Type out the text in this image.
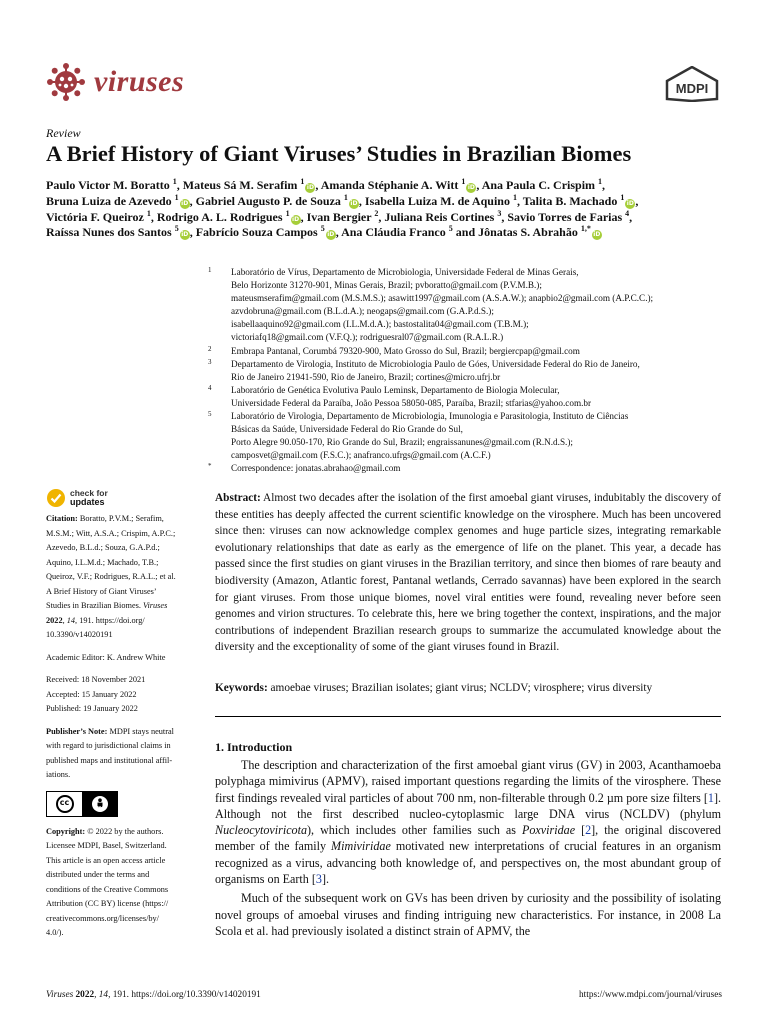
viruses	MDPI
Review
A Brief History of Giant Viruses’ Studies in Brazilian Biomes
Paulo Victor M. Boratto $^1$, Mateus Sá M. Serafim $^1$iD, Amanda Stéphanie A. Witt $^1$iD, Ana Paula C. Crispim $^1$,
Bruna Luiza de Azevedo $^1$iD, Gabriel Augusto P. de Souza $^1$iD, Isabella Luiza M. de Aquino $^1$, Talita B. Machado $^1$iD,
Victória F. Queiroz $^1$, Rodrigo A. L. Rodrigues $^1$iD, Ivan Bergier $^2$, Juliana Reis Cortines $^3$, Savio Torres de Farias $^4$,
Raíssa Nunes dos Santos $^5$iD, Fabrício Souza Campos $^5$iD, Ana Cláudia Franco $^5$ and Jônatas S. Abrahão $^{1,*}$iD
1 Laboratório de Vírus, Departamento de Microbiologia, Universidade Federal de Minas Gerais,
Belo Horizonte 31270-901, Minas Gerais, Brazil; pvboratto@gmail.com (P.V.M.B.);
mateusmserafim@gmail.com (M.S.M.S.); asawitt1997@gmail.com (A.S.A.W.); anapbio2@gmail.com (A.P.C.C.);
azvdobruna@gmail.com (B.L.d.A.); neogaps@gmail.com (G.A.P.d.S.);
isabellaaquino92@gmail.com (I.L.M.d.A.); bastostalita04@gmail.com (T.B.M.);
victoriafq18@gmail.com (V.F.Q.); rodriguesral07@gmail.com (R.A.L.R.)
2 Embrapa Pantanal, Corumbá 79320-900, Mato Grosso do Sul, Brazil; bergiercpap@gmail.com
3 Departamento de Virologia, Instituto de Microbiologia Paulo de Góes, Universidade Federal do Rio de Janeiro,
Rio de Janeiro 21941-590, Rio de Janeiro, Brazil; cortines@micro.ufrj.br
4 Laboratório de Genética Evolutiva Paulo Leminsk, Departamento de Biologia Molecular,
Universidade Federal da Paraíba, João Pessoa 58050-085, Paraíba, Brazil; stfarias@yahoo.com.br
5 Laboratório de Virologia, Departamento de Microbiologia, Imunologia e Parasitologia, Instituto de Ciências
Básicas da Saúde, Universidade Federal do Rio Grande do Sul,
Porto Alegre 90.050-170, Rio Grande do Sul, Brazil; engraissanunes@gmail.com (R.N.d.S.);
camposvet@gmail.com (F.S.C.); anafranco.ufrgs@gmail.com (A.C.F.)
* Correspondence: jonatas.abrahao@gmail.com
check for
updates
Citation: Boratto, P.V.M.; Serafim,
M.S.M.; Witt, A.S.A.; Crispim, A.P.C.;
Azevedo, B.L.d.; Souza, G.A.P.d.;
Aquino, I.L.M.d.; Machado, T.B.;
Queiroz, V.F.; Rodrigues, R.A.L.; et al.
A Brief History of Giant Viruses’
Studies in Brazilian Biomes. Viruses
2022, 14, 191. https://doi.org/
10.3390/v14020191
Academic Editor: K. Andrew White
Received: 18 November 2021
Accepted: 15 January 2022
Published: 19 January 2022
Publisher’s Note: MDPI stays neutral
with regard to jurisdictional claims in
published maps and institutional affil-
iations.
cc
BY
Copyright: © 2022 by the authors.
Licensee MDPI, Basel, Switzerland.
This article is an open access article
distributed under the terms and
conditions of the Creative Commons
Attribution (CC BY) license (https://
creativecommons.org/licenses/by/
4.0/).
Abstract: Almost two decades after the isolation of the first amoebal giant viruses, indubitably the discovery of these entities has deeply affected the current scientific knowledge on the virosphere. Much has been uncovered since then: viruses can now acknowledge complex genomes and huge particle sizes, integrating remarkable evolutionary relationships that date as early as the emergence of life on the planet. This year, a decade has passed since the first studies on giant viruses in the Brazilian territory, and since then biomes of rare beauty and biodiversity (Amazon, Atlantic forest, Pantanal wetlands, Cerrado savannas) have been explored in the search for giant viruses. From those unique biomes, novel viral entities were found, revealing never before seen genomes and virion structures. To celebrate this, here we bring together the context, inspirations, and the major contributions of independent Brazilian research groups to summarize the accumulated knowledge about the diversity and the exceptionality of some of the giant viruses found in Brazil.
Keywords: amoebae viruses; Brazilian isolates; giant virus; NCLDV; virosphere; virus diversity
1. Introduction

The description and characterization of the first amoebal giant virus (GV) in 2003, Acanthamoeba polyphaga mimivirus (APMV), raised important questions regarding the limits of the virosphere. These first findings revealed viral particles of about 700 nm, non-filterable through 0.2 µm pore size filters [1]. Although not the first described nucleo-cytoplasmic large DNA virus (NCLDV) (phylum Nucleocytoviricota), which includes other families such as Poxviridae [2], the original discovered member of the family Mimiviridae motivated new interpretations of crucial features in an organism recognized as a virus, advancing both knowledge of, and perspectives on, the most abundant group of organisms on Earth [3].

Much of the subsequent work on GVs has been driven by curiosity and the possibility of isolating novel groups of amoebal viruses and finding intriguing new characteristics. For instance, in 2008 La Scola et al. had previously isolated a distinct strain of APMV, the

Viruses 2022, 14, 191. https://doi.org/10.3390/v14020191	https://www.mdpi.com/journal/viruses
